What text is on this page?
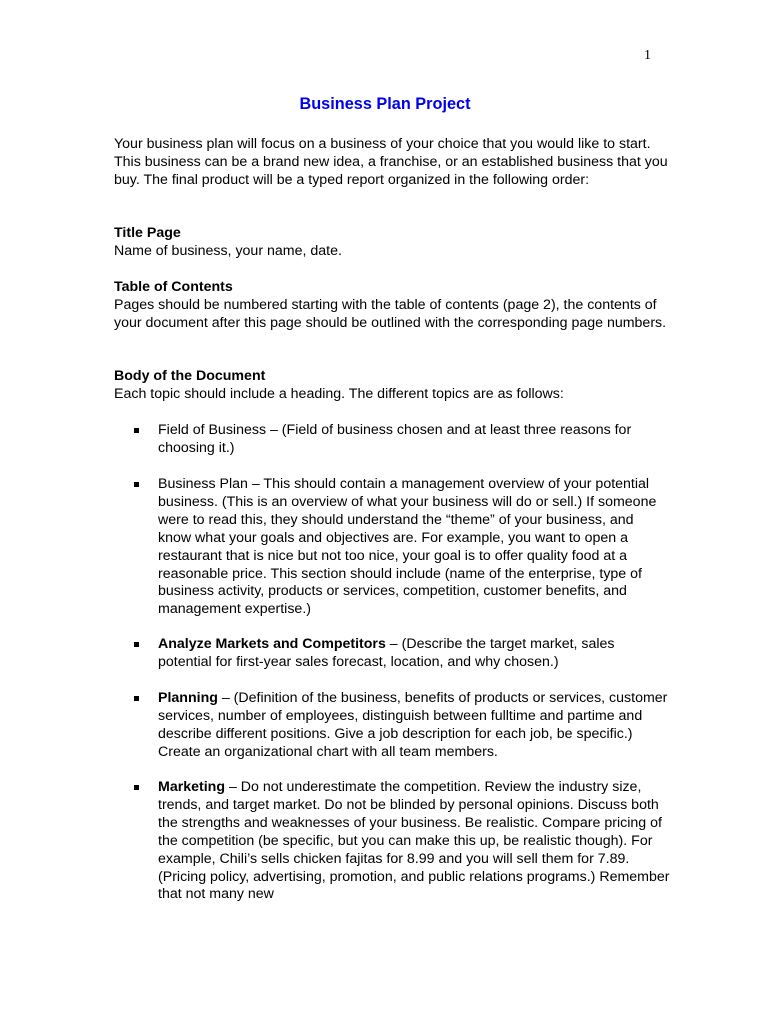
1
Business Plan Project
Your business plan will focus on a business of your choice that you would like to start. This business can be a brand new idea, a franchise, or an established business that you buy. The final product will be a typed report organized in the following order:
Title Page
Name of business, your name, date.
Table of Contents
Pages should be numbered starting with the table of contents (page 2), the contents of your document after this page should be outlined with the corresponding page numbers.
Body of the Document
Each topic should include a heading. The different topics are as follows:
Field of Business – (Field of business chosen and at least three reasons for choosing it.)
Business Plan – This should contain a management overview of your potential business. (This is an overview of what your business will do or sell.) If someone were to read this, they should understand the “theme” of your business, and know what your goals and objectives are. For example, you want to open a restaurant that is nice but not too nice, your goal is to offer quality food at a reasonable price. This section should include (name of the enterprise, type of business activity, products or services, competition, customer benefits, and management expertise.)
Analyze Markets and Competitors – (Describe the target market, sales potential for first-year sales forecast, location, and why chosen.)
Planning – (Definition of the business, benefits of products or services, customer services, number of employees, distinguish between fulltime and partime and describe different positions. Give a job description for each job, be specific.) Create an organizational chart with all team members.
Marketing – Do not underestimate the competition. Review the industry size, trends, and target market. Do not be blinded by personal opinions. Discuss both the strengths and weaknesses of your business. Be realistic. Compare pricing of the competition (be specific, but you can make this up, be realistic though). For example, Chili’s sells chicken fajitas for 8.99 and you will sell them for 7.89. (Pricing policy, advertising, promotion, and public relations programs.) Remember that not many new
